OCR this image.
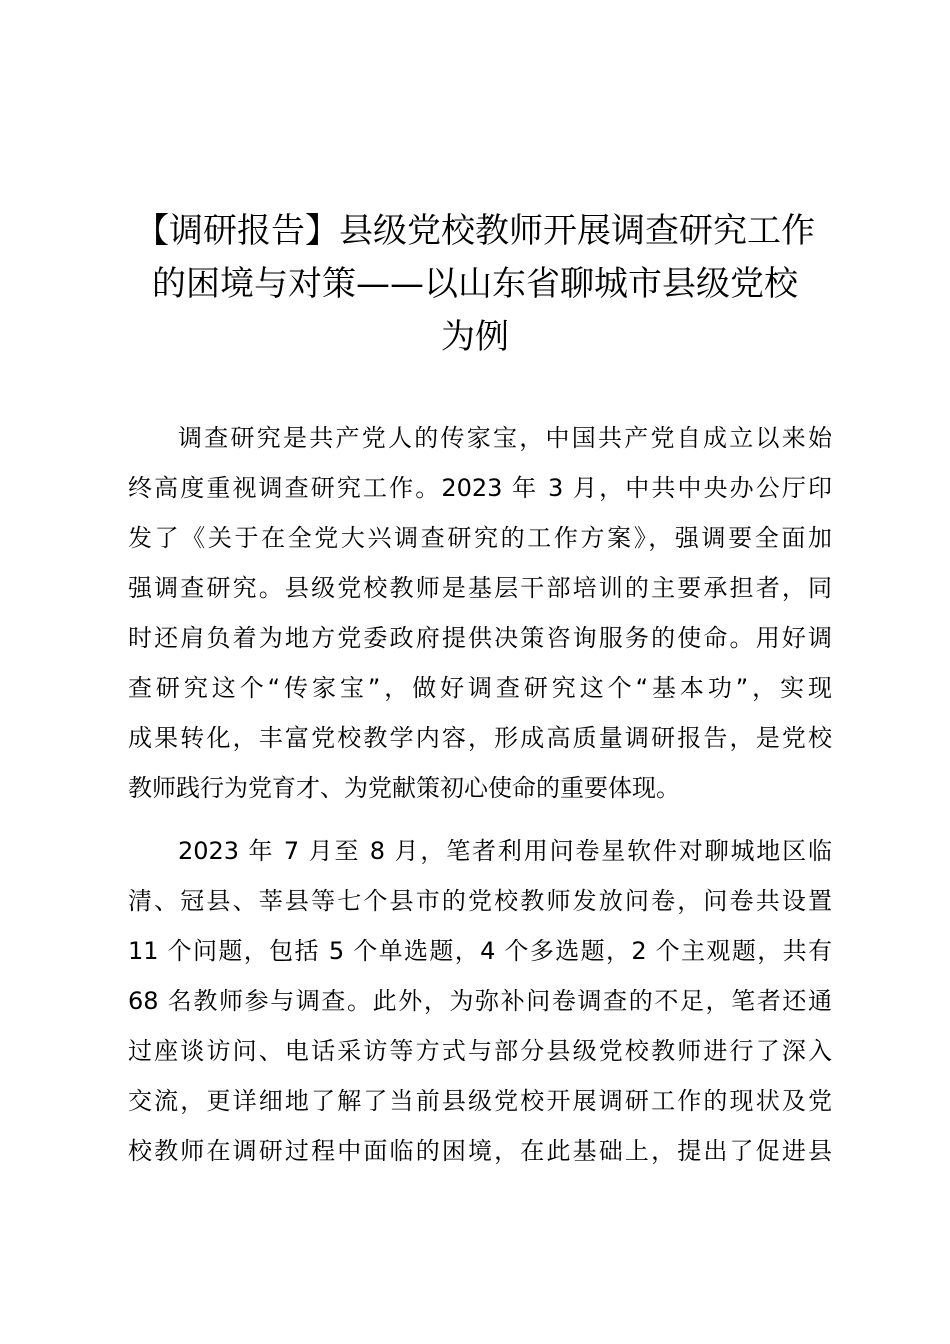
【调研报告】县级党校教师开展调查研究工作
的困境与对策——以山东省聊城市县级党校
为例
调查研究是共产党人的传家宝，中国共产党自成立以来始
终高度重视调查研究工作。2023 年 3 月，中共中央办公厅印
发了《关于在全党大兴调查研究的工作方案》，强调要全面加
强调查研究。县级党校教师是基层干部培训的主要承担者，同
时还肩负着为地方党委政府提供决策咨询服务的使命。用好调
查研究这个“传家宝”，做好调查研究这个“基本功”，实现
成果转化，丰富党校教学内容，形成高质量调研报告，是党校
教师践行为党育才、为党献策初心使命的重要体现。
2023 年 7 月至 8 月，笔者利用问卷星软件对聊城地区临
清、冠县、莘县等七个县市的党校教师发放问卷，问卷共设置
11 个问题，包括 5 个单选题，4 个多选题，2 个主观题，共有
68 名教师参与调查。此外，为弥补问卷调查的不足，笔者还通
过座谈访问、电话采访等方式与部分县级党校教师进行了深入
交流，更详细地了解了当前县级党校开展调研工作的现状及党
校教师在调研过程中面临的困境，在此基础上，提出了促进县
